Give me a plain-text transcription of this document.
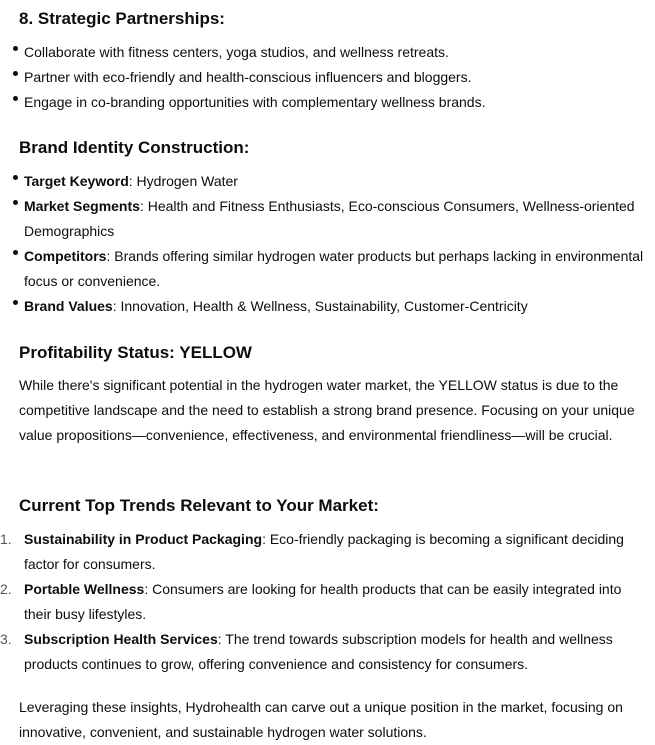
8. Strategic Partnerships:
Collaborate with fitness centers, yoga studios, and wellness retreats.
Partner with eco-friendly and health-conscious influencers and bloggers.
Engage in co-branding opportunities with complementary wellness brands.
Brand Identity Construction:
Target Keyword: Hydrogen Water
Market Segments: Health and Fitness Enthusiasts, Eco-conscious Consumers, Wellness-oriented Demographics
Competitors: Brands offering similar hydrogen water products but perhaps lacking in environmental focus or convenience.
Brand Values: Innovation, Health & Wellness, Sustainability, Customer-Centricity
Profitability Status: YELLOW

While there's significant potential in the hydrogen water market, the YELLOW status is due to the competitive landscape and the need to establish a strong brand presence. Focusing on your unique value propositions—convenience, effectiveness, and environmental friendliness—will be crucial.

Current Top Trends Relevant to Your Market:
1. Sustainability in Product Packaging: Eco-friendly packaging is becoming a significant deciding factor for consumers.
2. Portable Wellness: Consumers are looking for health products that can be easily integrated into their busy lifestyles.
3. Subscription Health Services: The trend towards subscription models for health and wellness products continues to grow, offering convenience and consistency for consumers.

Leveraging these insights, Hydrohealth can carve out a unique position in the market, focusing on innovative, convenient, and sustainable hydrogen water solutions.
